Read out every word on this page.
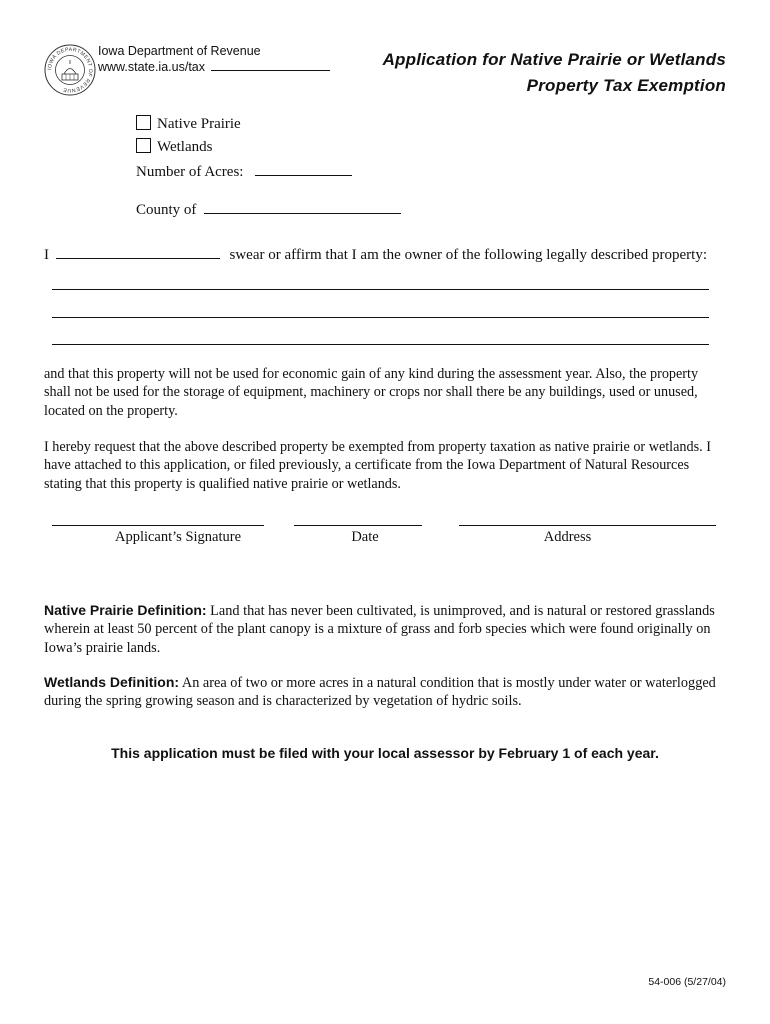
IOWA DEPARTMENT OF REVENUE
Iowa Department of Revenue
www.state.ia.us/tax	Application for Native Prairie or Wetlands
Property Tax Exemption
Native Prairie
Wetlands
Number of Acres:
County of
I	swear or affirm that I am the owner of the following legally described property:

and that this property will not be used for economic gain of any kind during the assessment year. Also, the property shall not be used for the storage of equipment, machinery or crops nor shall there be any buildings, used or unused, located on the property.

I hereby request that the above described property be exempted from property taxation as native prairie or wetlands. I have attached to this application, or filed previously, a certificate from the Iowa Department of Natural Resources stating that this property is qualified native prairie or wetlands.

Applicant’s Signature	Date	Address
Native Prairie Definition: Land that has never been cultivated, is unimproved, and is natural or restored grasslands wherein at least 50 percent of the plant canopy is a mixture of grass and forb species which were found originally on Iowa’s prairie lands.
Wetlands Definition: An area of two or more acres in a natural condition that is mostly under water or waterlogged during the spring growing season and is characterized by vegetation of hydric soils.
This application must be filed with your local assessor by February 1 of each year.
54-006 (5/27/04)
